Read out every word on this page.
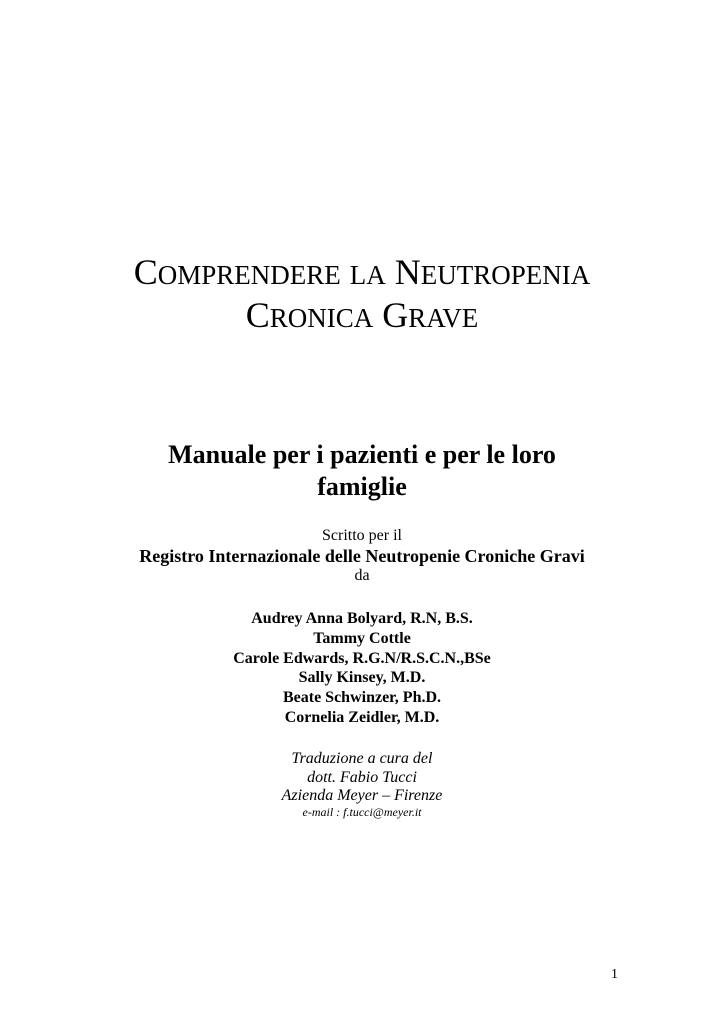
COMPRENDERE LA NEUTROPENIA
CRONICA GRAVE
Manuale per i pazienti e per le loro
famiglie
Scritto per il
Registro Internazionale delle Neutropenie Croniche Gravi
da
Audrey Anna Bolyard, R.N, B.S.
Tammy Cottle
Carole Edwards, R.G.N/R.S.C.N.,BSe
Sally Kinsey, M.D.
Beate Schwinzer, Ph.D.
Cornelia Zeidler, M.D.
Traduzione a cura del
dott. Fabio Tucci
Azienda Meyer – Firenze
e-mail : f.tucci@meyer.it
1
